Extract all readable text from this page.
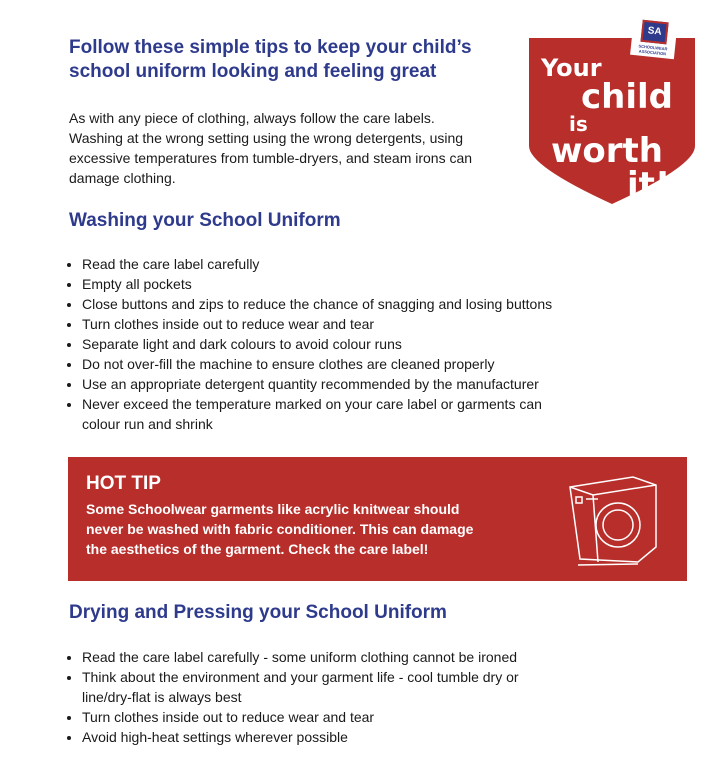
Follow these simple tips to keep your child’s school uniform looking and feeling great

As with any piece of clothing, always follow the care labels. Washing at the wrong setting using the wrong detergents, using excessive temperatures from tumble-dryers, and steam irons can damage clothing.

Your
child
is
worth
it!
SA
SCHOOLWEAR ASSOCIATION
Washing your School Uniform
• Read the care label carefully
• Empty all pockets
• Close buttons and zips to reduce the chance of snagging and losing buttons
• Turn clothes inside out to reduce wear and tear
• Separate light and dark colours to avoid colour runs
• Do not over-fill the machine to ensure clothes are cleaned properly
• Use an appropriate detergent quantity recommended by the manufacturer
• Never exceed the temperature marked on your care label or garments can colour run and shrink
HOT TIP
Some Schoolwear garments like acrylic knitwear should never be washed with fabric conditioner. This can damage the aesthetics of the garment. Check the care label!
Drying and Pressing your School Uniform
• Read the care label carefully - some uniform clothing cannot be ironed
• Think about the environment and your garment life - cool tumble dry or line/dry-flat is always best
• Turn clothes inside out to reduce wear and tear
• Avoid high-heat settings wherever possible
